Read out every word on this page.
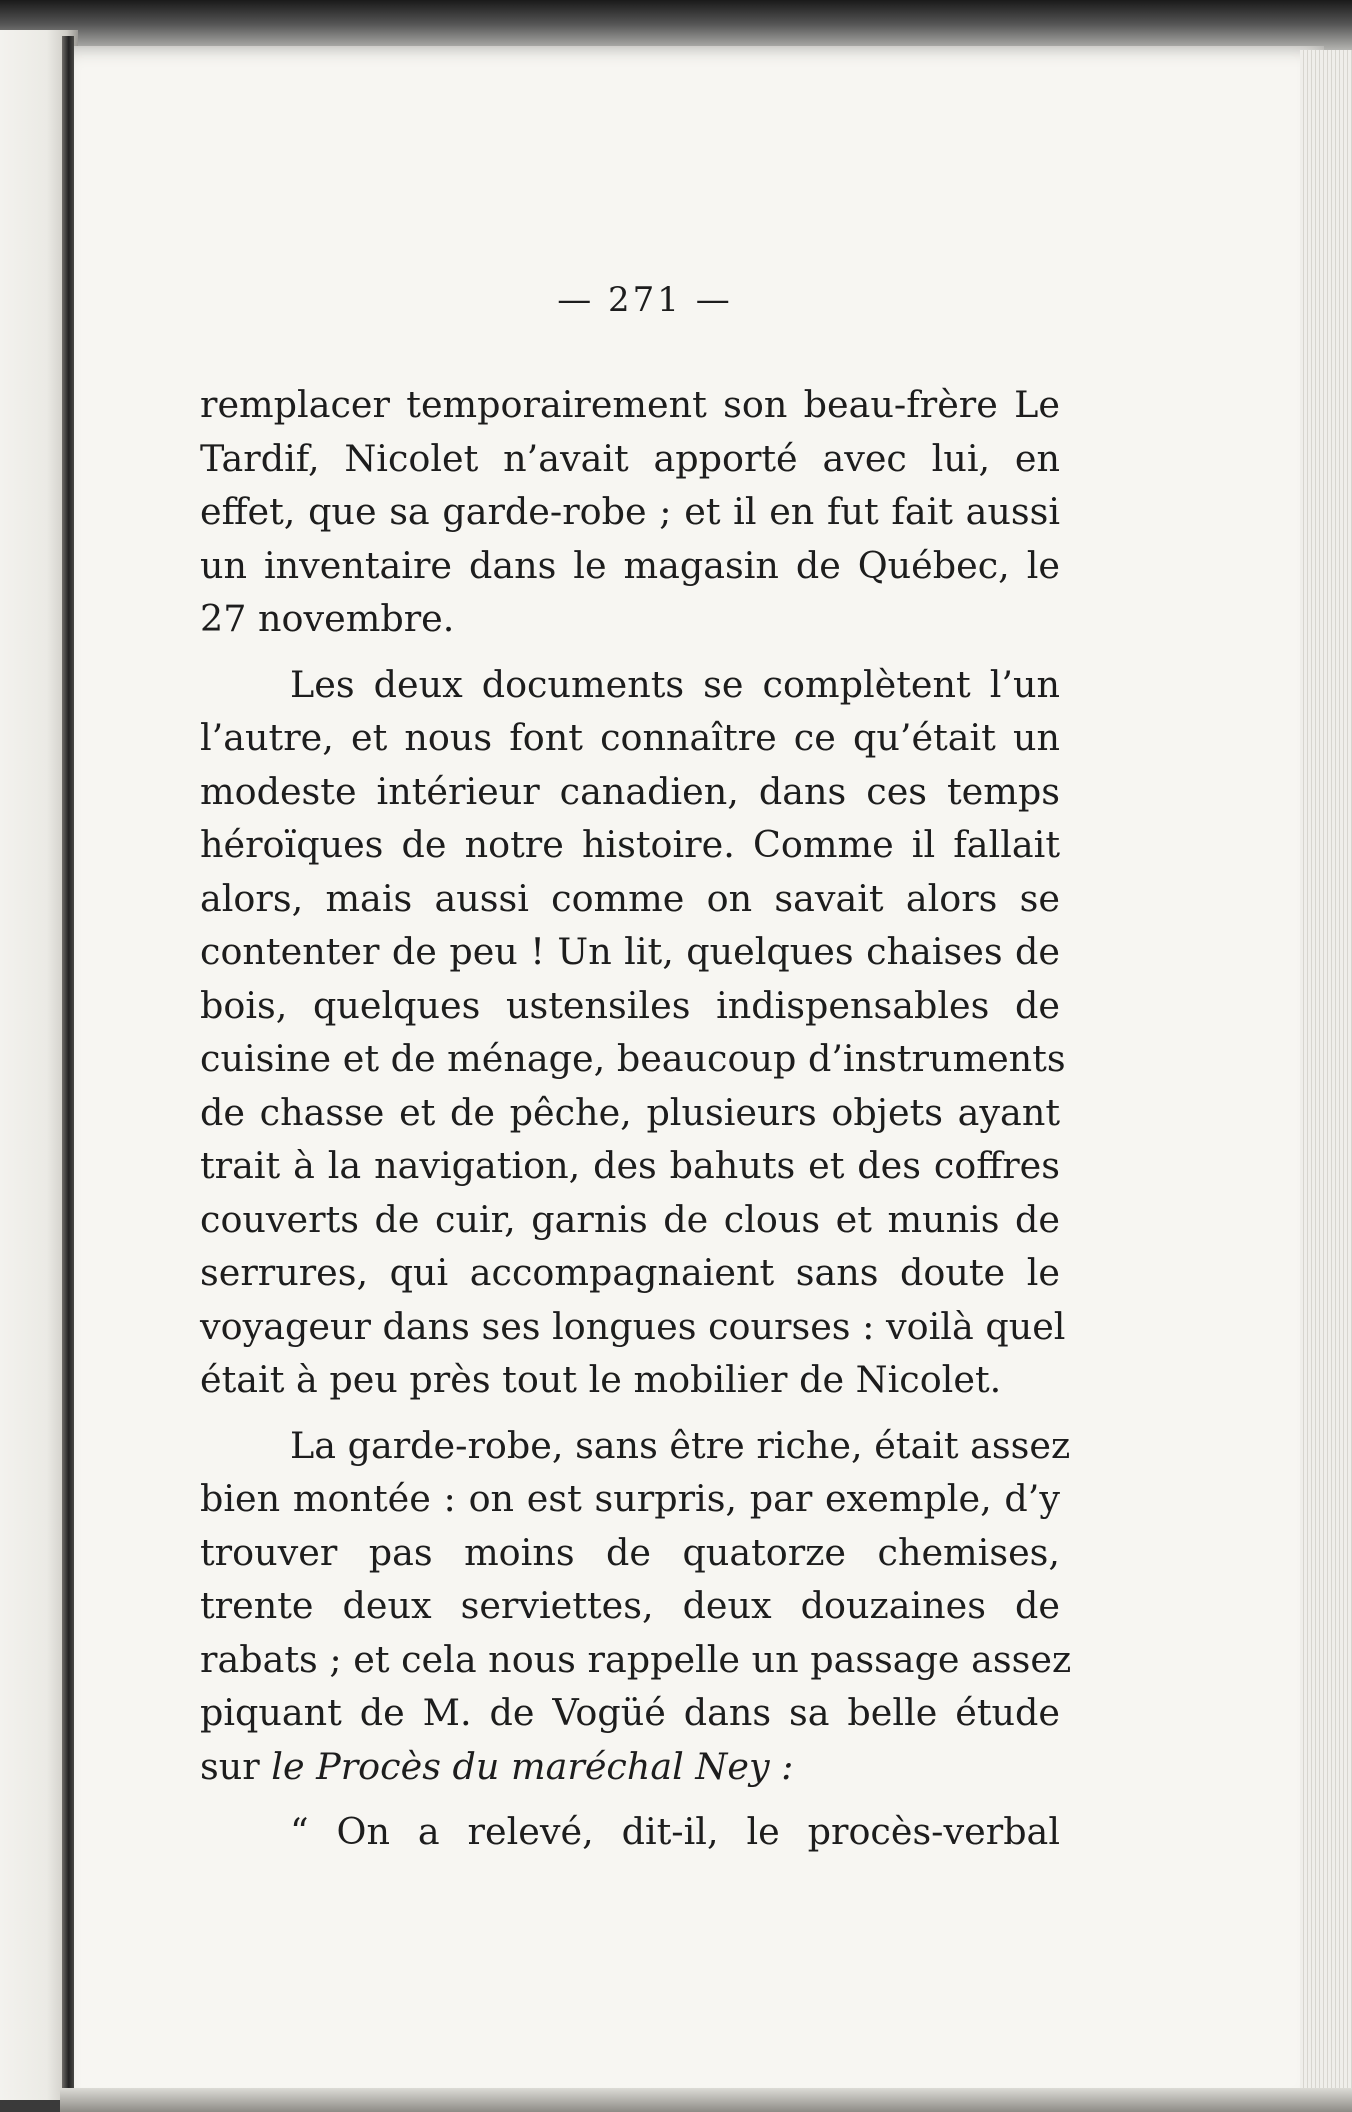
— 271 —

remplacer temporairement son beau-frère Le
Tardif, Nicolet n’avait apporté avec lui, en
effet, que sa garde-robe ; et il en fut fait aussi
un inventaire dans le magasin de Québec, le
27 novembre.

Les deux documents se complètent l’un
l’autre, et nous font connaître ce qu’était un
modeste intérieur canadien, dans ces temps
héroïques de notre histoire. Comme il fallait
alors, mais aussi comme on savait alors se
contenter de peu ! Un lit, quelques chaises de
bois, quelques ustensiles indispensables de
cuisine et de ménage, beaucoup d’instruments
de chasse et de pêche, plusieurs objets ayant
trait à la navigation, des bahuts et des coffres
couverts de cuir, garnis de clous et munis de
serrures, qui accompagnaient sans doute le
voyageur dans ses longues courses : voilà quel
était à peu près tout le mobilier de Nicolet.

La garde-robe, sans être riche, était assez
bien montée : on est surpris, par exemple, d’y
trouver pas moins de quatorze chemises,
trente deux serviettes, deux douzaines de
rabats ; et cela nous rappelle un passage assez
piquant de M. de Vogüé dans sa belle étude
sur le Procès du maréchal Ney :

“ On a relevé, dit-il, le procès-verbal
